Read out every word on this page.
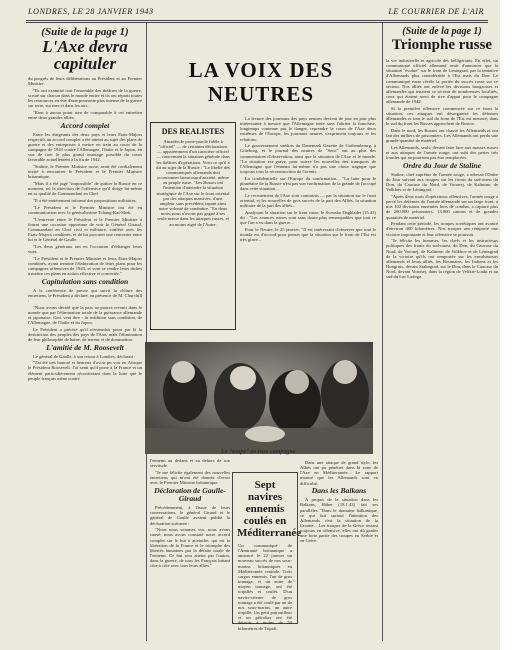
LONDRES, LE 28 JANVIER 1943	LE COURRIER DE L'AIR
(Suite de la page 1)
L'Axe devra capituler

du progrès de leurs délibérations au Président et au Premier Ministre.

"Ils ont examiné tout l'ensemble des théâtres de la guerre, scruté sur chacun dans le monde entier et ils ont réparti toutes les ressources en vue d'une poursuite plus intense de la guerre sur terre, sur mer et dans les airs.

"Rien à aucun point rien de comparable à cet entretien entre deux grandes alliés.

Accord complet

Entre les dirigeants des deux pays et leurs Etats-Majors respectifs un accord complet a été atteint au sujet des plans de guerre et des entreprises à mettre en train au cours de la campagne de 1943 contre l'Allemagne, l'Italie et le Japon, en vue de tirer le plus grand avantage possible du cours favorable actuellement à la fin de 1942.

"Staline, le Premier Ministre russe, avait été cordialement invité à rencontrer le Président et le Premier Ministre britannique.

"Mais il a été jugé "impossible" de quitter la Russie en ce moment, où la direction de l'offensive qu'il dirige lui-même en sa qualité de Commandant en Chef.

"Il a été entièrement informé des propositions militaires.

"Le Président et le Premier Ministre ont été en communication avec le généralissime Tchang-Kaï-Shek.

"L'entrevue entre le Président et le Premier Ministre a fourni une occasion opportune de voir le Général Giraud, Commandant en Chef civil et militaire, conféré avec les Etats-Majors combinés, et de lui procurer une rencontre entre lui et le Général de Gaulle.

"Les deux généraux ont eu l'occasion d'échanger leurs vues.

"Le Président et le Premier Ministre et leurs Etats-Majors combinés, ayant terminé l'élaboration de leurs plans pour les campagnes offensives de 1943, et vont se rendre leurs tâches à mettre ces plans en action effective et concertée."

Capitulation sans condition

A la conférence de presse qui suivit la clôture des entretiens, le Président a déclaré, en présence de M. Churchill :

"Nous avons décidé que la paix ne pourra revenir dans le monde que par l'élimination totale de la puissance allemande et japonaise. Ceci veut dire : la reddition sans condition, de l'Allemagne, de l'Italie et du Japon.

Le Président a précisé qu'il n'entendait point par là la destruction des peuples des pays de l'Axe, mais l'élimination de leur philosophie de haine, de terreur et de domination.

L'amitié de M. Roosevelt

Le général de Gaulle, à son retour à Londres, déclarait :

"J'ai été très honoré et heureux d'avoir pu voir en Afrique le Président Roosevelt. J'ai senti qu'il porte à la France et un élément particulièrement réconfortant dans la lutte que le peuple français mène contre

LA VOIX DES NEUTRES
DES REALISTES
Amadée, le porte-parole fidèle à "officiel" — de certaines déclarations — apparemment d'un caractère officiel — concernant la situation générale dans les théâtres d'opérations. Voici ce qu'il a dit au sujet de la Russie : "Le libellé des communiqués allemands doit occasionner beaucoup d'anxiété, même au peuple russe. "Les Russes ont l'intention d'atteindre la situation stratégique de l'Axe sur le front oriental par des attaques massives, d'une ampleur sans précédent, tapant ainsi notre volonté de combattre. "En deux mois, nous n'avons pas gagné à ses seule masse dans les attaques russes, et au moins aigré de l'Autre.

La lecture des journaux des pays neutres devient de jour en jour plus intéressante à mesure que l'Allemagne tente sans l'abriter la franchise, longtemps contenue par le danger, reprendre le cours de l'Axe deux extrêmes de l'Europe, les journaux neutres s'expriment toujours et les relations.

Le gouvernement suédois du Danemark Gazette de Gothembourg, à Göteborg, et le journal des neutres de "Seco" ont au plus des commentaires d'observation, ainsi que la situation de l'Axe et le monde. "La situation est grave, pour suivre les nouvelles des transports de l'Allemagne que l'ennemi lui-même n'a pas une chose tragique que toujours tous la reconstruction de l'avenir.

La confidentielle sur l'Europe du confirmation... "La lutte pour le planétaire de la Russie n'est pas son confirmation de la grande de l'occupé dans cette situation...

Le recrutement de l'Axe sont contraints — par la situation sur le front oriental, et les nouvelles de gros succès de la part des Alliés, la situation militaire de la part des alliés...

Analysant la situation sur le front russe, le Svenska Dagbladet (15.43) dit : "Les avances russes sont sans doute plus remarquables que tout ce que l'on a vu dans la guerre...

Pour le Neutre, le 25 janvier, "Il est intéressant d'observer que tout le monde est d'accord pour penser que la situation sur le front de l'Est est très grave...

La "soupe" en rase campagne.

l'ennemi au dedans et au dehors de son servitude.

"Je me félicite également des nouvelles entretiens qui m'ont été donnés d'avoir avec le Premier Ministre britannique.

Déclaration de Gaulle-Giraud

Précédemment, à l'issue de leurs conversations, le général Giraud et le général de Gaulle avaient publié la déclaration suivante :

"Nous nous sommes vus, nous avons causé; nous avons constaté notre accord complet sur le but à atteindre, qui est la libération de la France et le triomphe des libertés humaines par la défaite totale de l'ennemi. Ce but sera atteint par l'union, dans la guerre, de tous les Français luttant côte à côte avec tous leurs alliés."

Sept navires ennemis coulés en Méditerranée
Un communiqué de l'Amirauté britannique a annoncé le 22 janvier un nouveau succès de nos sous-marins britanniques en Méditerranée centrale. Trois cargos ennemis, l'un de gros tonnage, et un autre de moyen tonnage, ont été torpillés et coulés. D'un navire-citerne de gros tonnage a été coulé par un de nos sous-marins, un autre torpillé. Un petit patrouilleur et un pétrolier ont été détruits à moins de 50 kilomètres de Tripoli.
(Suite de la page 1)
Triomphe russe

la vie industrielle et agricole des belligérants. En effet, un communiqué officiel allemand avait d'annoncer que la situation "évolue" sur le front de Leningrad, par la tentative d'Allemands plus considérable à l'Est mais du Don. Le communiqué russe révèle la portée du succès russe sur ce secteur. Nos alliés ont enlevé les divisions hongroises et allemandes qui tenaient ce secteur de nombreuses localités, ceux qui étaient servi de rive d'appui pour le compagne allemande de 1942.

Si la première offensive commencée sur ce front la situation, ces attaques ont désorganisé les défenses allemandes et tout le sud du front de l'Est est menacé; dans le sud du front les Russes approchent de Rostov.

Dans le nord, les Russes ont chassé les Allemands et ont fait des milliers de prisonniers. Les Allemands ont perdu une grande quantité de matériel.

Les Allemands, seuls, devant faire face aux masses russes et aux attaques de l'armée rouge, ont subi des pertes très lourdes qui ne pourront pas être remplacées.

Ordre du Jour de Staline

Staline, chef suprême de l'armée rouge, a adressé l'Ordre du Jour suivant aux troupes sur les fronts du sud-ouest du Don, du Caucase du Nord, de Voronej, de Kalinine, de Volkhov et de Léningrad :

"Après deux mois d'opérations offensives, l'armée rouge a percé les défenses de l'armée allemande sur un large front, a mis 102 divisions ennemies hors de combat, a capturé plus de 200.000 prisonniers, 13.000 canons et de grandes quantités de matériel.

Pendant cette période, les troupes soviétiques ont avancé d'environ 400 kilomètres. Nos troupes ont remporté une victoire importante et leur offensive se poursuit.

"Je félicite les hommes, les chefs et les instructeurs politiques des fronts du sud-ouest, du Don, du Caucase du Nord, de Voronej, de Kalinine, de Volkhov et de Léningrad de la victoire qu'ils ont remportée sur les envahisseurs allemands et leurs alliés, les Roumains, les Italiens et les Hongrois, devant Stalingrad, sur le Don, dans le Caucase du Nord, devant Voronej, dans la région de Velikie-Louki et au sud du Lac Ladoga.

Dans une attaque de grand style, les Alliés ont pu pénétrer dans la zone de l'Axe en Méditerranée... Le rapport montre que les Allemands sont en difficulté.

Dans les Balkans

A propos de la situation dans les Balkans, Häber (18.1.43) fait ses parallèles "Dans le domaine balkanique, ce qui fait surtout l'attention des Allemands c'est la situation de la Croatie... Les troupes de la Grèce restant toujours en offensive, elles ont dû garder une forte partie des troupes en Serbie et en Grèce.
